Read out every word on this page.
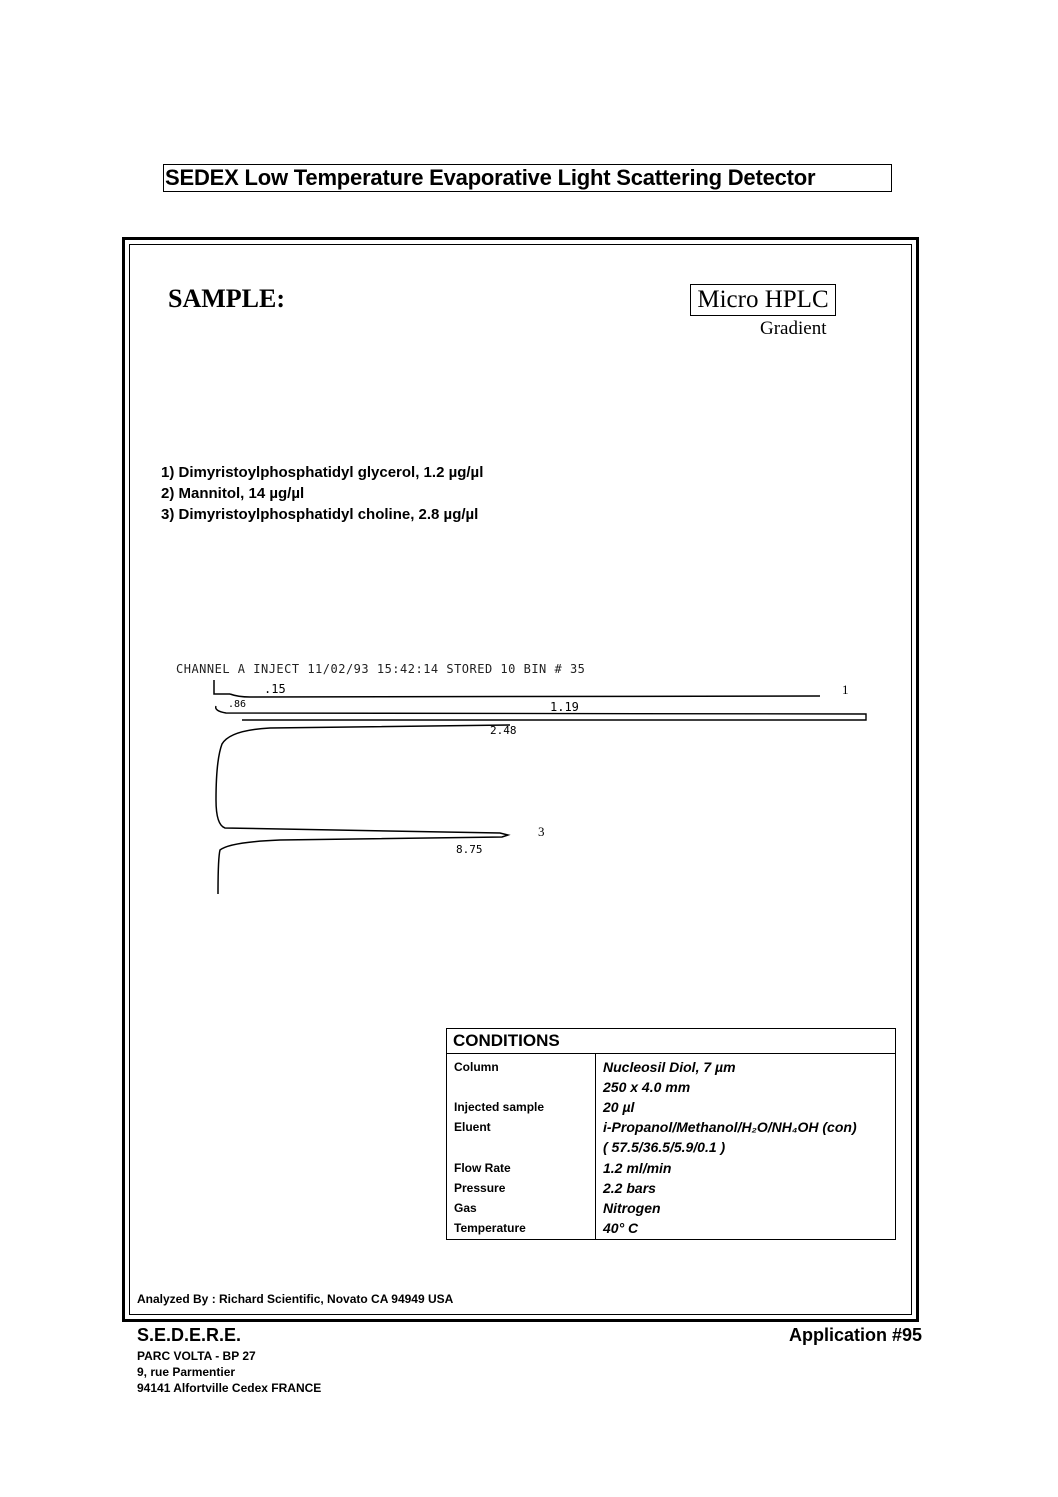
SEDEX Low Temperature Evaporative Light Scattering Detector
SAMPLE:	Micro HPLC
Gradient
1) Dimyristoylphosphatidyl glycerol, 1.2 µg/µl
2) Mannitol, 14 µg/µl
3) Dimyristoylphosphatidyl choline, 2.8 µg/µl
CHANNEL A INJECT 11/02/93 15:42:14 STORED 10 BIN # 35
.15	1
.86	1.19
2.48
3
8.75
CONDITIONS
Column	Nucleosil Diol, 7 µm
250 x 4.0 mm
Injected sample	20 µl
Eluent	i-Propanol/Methanol/H₂O/NH₄OH (con)
( 57.5/36.5/5.9/0.1 )
Flow Rate	1.2 ml/min
Pressure	2.2 bars
Gas	Nitrogen
Temperature	40° C
Analyzed By : Richard Scientific, Novato CA 94949 USA
S.E.D.E.R.E.	Application #95
PARC VOLTA - BP 27
9, rue Parmentier
94141 Alfortville Cedex FRANCE
